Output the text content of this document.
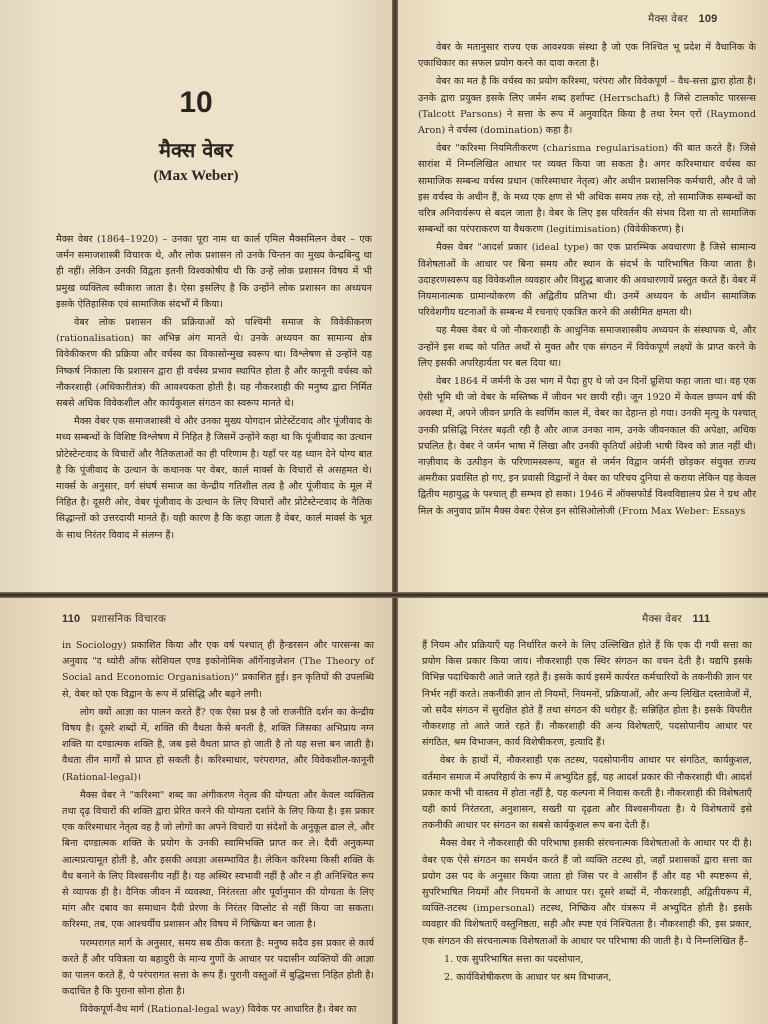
10
मैक्स वेबर
(Max Weber)

मैक्स वेबर (1864–1920) – उनका पूरा नाम था कार्ल एमिल मैक्समिलन वेबर – एक जर्मन समाजशास्त्री विचारक थे, और लोक प्रशासन तो उनके चिन्तन का मुख्य केन्द्रबिन्दु था ही नहीं। लेकिन उनकी विद्वता इतनी विश्वकोषीय थी कि उन्हें लोक प्रशासन विषय में भी प्रमुख व्यक्तित्व स्वीकारा जाता है। ऐसा इसलिए है कि उन्होंने लोक प्रशासन का अध्ययन इसके ऐतिहासिक एवं सामाजिक संदर्भों में किया।

वेबर लोक प्रशासन की प्रक्रियाओं को पश्चिमी समाज के विवेकीकरण (rationalisation) का अभिन्न अंग मानते थे। उनके अध्ययन का सामान्य क्षेत्र विवेकीकरण की प्रक्रिया और वर्चस्व का विकासोन्मुख स्वरूप था। विश्लेषण से उन्होंने यह निष्कर्ष निकाला कि प्रशासन द्वारा ही वर्चस्व प्रभाव स्थापित होता है और कानूनी वर्चस्व को नौकरशाही (अधिकारीतंत्र) की आवश्यकता होती है। यह नौकरशाही की मनुष्य द्वारा निर्मित सबसे अधिक विवेकशील और कार्यकुशल संगठन का स्वरूप मानते थे।

मैक्स वेबर एक समाजशास्त्री थे और उनका मुख्य योगदान प्रोटेस्टेंटवाद और पूंजीवाद के मध्य सम्बन्धों के विशिष्ट विश्लेषण में निहित है जिसमें उन्होंने कहा था कि पूंजीवाद का उत्थान प्रोटेस्टेन्टवाद के विचारों और नैतिकताओं का ही परिणाम है। यहाँ पर यह ध्यान देने योग्य बात है कि पूंजीवाद के उत्थान के कथानक पर वेबर, कार्ल मार्क्स के विचारों से असहमत थे। मार्क्स के अनुसार, वर्ग संघर्ष समाज का केन्द्रीय गतिशील तत्व है और पूंजीवाद के मूल में निहित है। दूसरी ओर, वेबर पूंजीवाद के उत्थान के लिए विचारों और प्रोटेस्टेन्टवाद के नैतिक सिद्धान्तों को उत्तरदायी मानते हैं। यही कारण है कि कहा जाता है वेबर, कार्ल मार्क्स के भूत के साथ निरंतर विवाद में संलग्न हैं।

मैक्स वेबर 109

वेबर के मतानुसार राज्य एक आवश्यक संस्था है जो एक निश्चित भू प्रदेश में वैधानिक के एकाधिकार का सफल प्रयोग करने का दावा करता है।

वेबर का मत है कि वर्चस्व का प्रयोग करिश्मा, परंपरा और विवेकपूर्ण – वैध-सत्ता द्वारा होता है। उनके द्वारा प्रयुक्त इसके लिए जर्मन शब्द हर्शाफ्ट (Herrschaft) है जिसे टालकोट पारसन्स (Talcott Parsons) ने सत्ता के रूप में अनुवादित किया है तथा रेमन एरों (Raymond Aron) ने वर्चस्व (domination) कहा है।

वेबर "करिश्मा नियमितीकरण (charisma regularisation) की बात करते हैं। जिसे सारांश में निम्नलिखित आधार पर व्यक्त किया जा सकता है। अगर करिश्माधार वर्चस्व का सामाजिक सम्बन्ध वर्चस्व प्रधान (करिश्माधार नेतृत्व) और अधीन प्रशासनिक कर्मचारी, और वे जो इस वर्चस्व के अधीन हैं, के मध्य एक क्षण से भी अधिक समय तक रहे, तो सामाजिक सम्बन्धों का चरित्र अनिवार्यरूप से बदल जाता है। वेबर के लिए इस परिवर्तन की संभव दिशा या तो सामाजिक सम्बन्धों का परंपराकरण या वैधकरण (legitimisation) (विवेकीकरण) है।

मैक्स वेबर "आदर्श प्रकार (ideal type) का एक प्रारम्भिक अवधारणा है जिसे सामान्य विशेषताओं के आधार पर बिना समय और स्थान के संदर्भ के पारिभाषित किया जाता है। उदाहरणस्वरूप वह विवेकशील व्यवहार और विशुद्ध बाजार की अवधारणायें प्रस्तुत करते हैं। वेबर में नियमानात्मक ग्रामान्योकरण की अद्वितीय प्रतिभा थी। उनमें अध्ययन के अधीन सामाजिक परिवेशगीय घटनाओं के सम्बन्ध में रचनाएं एकत्रित करने की असीमित क्षमता थी।

यह मैक्स वेबर थे जो नौकरशाही के आधुनिक समाजशास्त्रीय अध्ययन के संस्थापक थे, और उन्होंने इस शब्द को पतित अर्थों से मुक्त और एक संगठन में विवेकपूर्ण लक्ष्यों के प्राप्त करने के लिए इसकी अपरिहार्यता पर बल दिया था।

वेबर 1864 में जर्मनी के उस भाग में पैदा हुए थे जो उन दिनों प्रूशिया कहा जाता था। वह एक ऐसी भूमि थी जो वेबर के मस्तिष्क में जीवन भर छायी रही। जून 1920 में केवल छप्पन वर्ष की अवस्था में, अपने जीवन प्रगति के स्वर्णिम काल में, वेबर का देहान्त हो गया। उनकी मृत्यु के पश्चात् उनकी प्रसिद्धि निरंतर बढ़ती रही है और आज उनका नाम, उनके जीवनकाल की अपेक्षा, अधिक प्रचलित है। वेबर ने जर्मन भाषा में लिखा और उनकी कृतियाँ अंग्रेजी भाषी विश्व को ज्ञात नहीं थी। नाज़ीवाद के उत्पीड़न के परिणामस्वरूप, बहुत से जर्मन विद्वान जर्मनी छोड़कर संयुक्त राज्य अमरीका प्रवासित हो गए, इन प्रवासी विद्वानों ने वेबर का परिचय दुनिया से कराया लेकिन यह केवल द्वितीय महायुद्ध के पश्चात् ही सम्भव हो सका। 1946 में ऑक्सफोर्ड विश्वविद्यालय प्रेस ने ग्रथ और मिल के अनुवाद फ्रॉम मैक्स वेबरः ऐसेज इन सोसिओलोजी (From Max Weber: Essays

110 प्रशासनिक विचारक

in Sociology) प्रकाशित किया और एक वर्ष पश्चात् ही हैन्डरसन और पारसन्स का अनुवाद "द थ्योरी ऑफ सोशियल एण्ड इकोनोमिक ऑर्गेनाइजेशन (The Theory of Social and Economic Organisation)" प्रकाशित हुई। इन कृतियों की उपलब्धि से, वेबर को एक विद्वान के रूप में प्रसिद्धि और बढ़ने लगी।

लोग क्यों आज्ञा का पालन करते हैं? एक ऐसा प्रश्न है जो राजनीति दर्शन का केन्द्रीय विषय है। दूसरे शब्दों में, शक्ति की वैधता कैसे बनती है, शक्ति जिसका अभिप्राय नग्न शक्ति या दण्डात्मक शक्ति है, जब इसे वैधता प्राप्त हो जाती है तो यह सत्ता बन जाती है। वैधता तीन मार्गों से प्राप्त हो सकती है। करिश्माधार, परंपरागत, और विवेकशील-कानूनी (Rational-legal)।

मैक्स वेबर ने "करिश्मा" शब्द का अंगीकरण नेतृत्व की योग्यता और केवल व्यक्तित्व तथा दृढ़ विचारों की शक्ति द्वारा प्रेरित करने की योग्यता दर्शाने के लिए किया है। इस प्रकार एक करिश्माधार नेतृत्व वह है जो लोगों का अपने विचारों या संदेशों के अनुकूल ढाल ले, और बिना दण्डात्मक शक्ति के प्रयोग के उनकी स्वामिभक्ति प्राप्त कर ले। दैवी अनुकम्पा आत्मप्रत्यामूत होती है, और इसकी अवज्ञा असम्भावित है। लेकिन करिश्मा किसी शक्ति के वैध बनाने के लिए विश्वसनीय नहीं है। यह अस्थिर स्वभावी नहीं है और न ही अनिश्चित रूप से व्यापक ही है। दैनिक जीवन में व्यवस्था, निरंतरता और पूर्वानुमान की योग्यता के लिए मांग और दबाव का समाधान दैवी प्रेरणा के निरंतर विप्लोट से नहीं किया जा सकता। करिश्मा, तब, एक आश्चर्यीय प्रशासन और विषय में निष्क्रिया बन जाता है।

परम्परागत मार्ग के अनुसार, समय सब ठीक करता है: मनुष्य सदैव इस प्रकार से कार्य करते हैं और पवित्रता या बहादुरी के मान्य गुणों के आधार पर पदासीन व्यक्तियों की आज्ञा का पालन करते हैं, ये परंपरागत सत्ता के रूप हैं। पुरानी वस्तुओं में बुद्धिमत्ता निहित होती है। कदाचित है कि पुराना सोना होता है।

विवेकपूर्ण-वैध मार्ग (Rational-legal way) विवेक पर आधारित है। वेबर का

मैक्स वेबर 111

हैं नियम और प्रक्रियाएँ यह निर्धारित करने के लिए उल्लिखित होते हैं कि एक दी गयी सत्ता का प्रयोग किस प्रकार किया जाय। नौकरशाही एक स्थिर संगठन का वचन देती है। यद्यपि इसके विभिन्न पदाधिकारी आते जाते रहते हैं। इसके कार्य इसमें कार्यरत कर्मचारियों के तकनीकी ज्ञान पर निर्भर नहीं करते। तकनीकी ज्ञान तो नियमों, नियमनों, प्रक्रियाओं, और अन्य लिखित दस्तावेजों में, जो सदैव संगठन में सुरक्षित होते हैं तथा संगठन की धरोहर हैं; सन्निहित होता है। इसके विपरीत नौकरशाह तो आते जाते रहते हैं। नौकरशाही की अन्य विशेषताएँ, पदसोपानीय आधार पर संगठित, श्रम विभाजन, कार्य विशेषीकरण, इत्यादि हैं।

वेबर के हाथों में, नौकरशाही एक तटस्थ, पदसोपानीय आधार पर संगठित, कार्यकुशल, वर्तमान समाज में अपरिहार्य के रूप में अभ्युदित हुई, यह आदर्श प्रकार की नौकरशाही थी। आदर्श प्रकार कभी भी वास्तव में होता नहीं है, यह कल्पना में निवास करती है। नौकरशाही की विशेषताएँ यही कार्य निरंतरता, अनुशासन, सख्ती या दृढ़ता और विश्वसनीयता है। ये विशेषतायें इसे तकनीकी आधार पर संगठन का सबसे कार्यकुशल रूप बना देती हैं।

मैक्स वेबर ने नौकरशाही की परिभाषा इसकी संरचनात्मक विशेषताओं के आधार पर दी है। वेबर एक ऐसे संगठन का समर्थन करते हैं जो व्यक्ति तटस्थ हो, जहाँ प्रशासकों द्वारा सत्ता का प्रयोग उस पद के अनुसार किया जाता हो जिस पर वे आसीन हैं और वह भी स्पष्टरूप से, सुपरिभाषित नियमों और नियमनों के आधार पर। दूसरे शब्दों में, नौकरशाही, अद्वितीयरूप में, व्यक्ति-तटस्थ (impersonal) तटस्थ, निष्क्रिय और यंत्ररूप में अभ्युदित होती है। इसके व्यवहार की विशेषताएँ वस्तुनिष्ठता, सही और स्पष्ट एवं निश्चितता है। नौकरशाही की, इस प्रकार, एक संगठन की संरचनात्मक विशेषताओं के आधार पर परिभाषा की जाती है। ये निम्नलिखित हैं–

1. एक सुपरिभाषित सत्ता का पदसोपान,

2. कार्यविशेषीकरण के आधार पर श्रम विभाजन,
